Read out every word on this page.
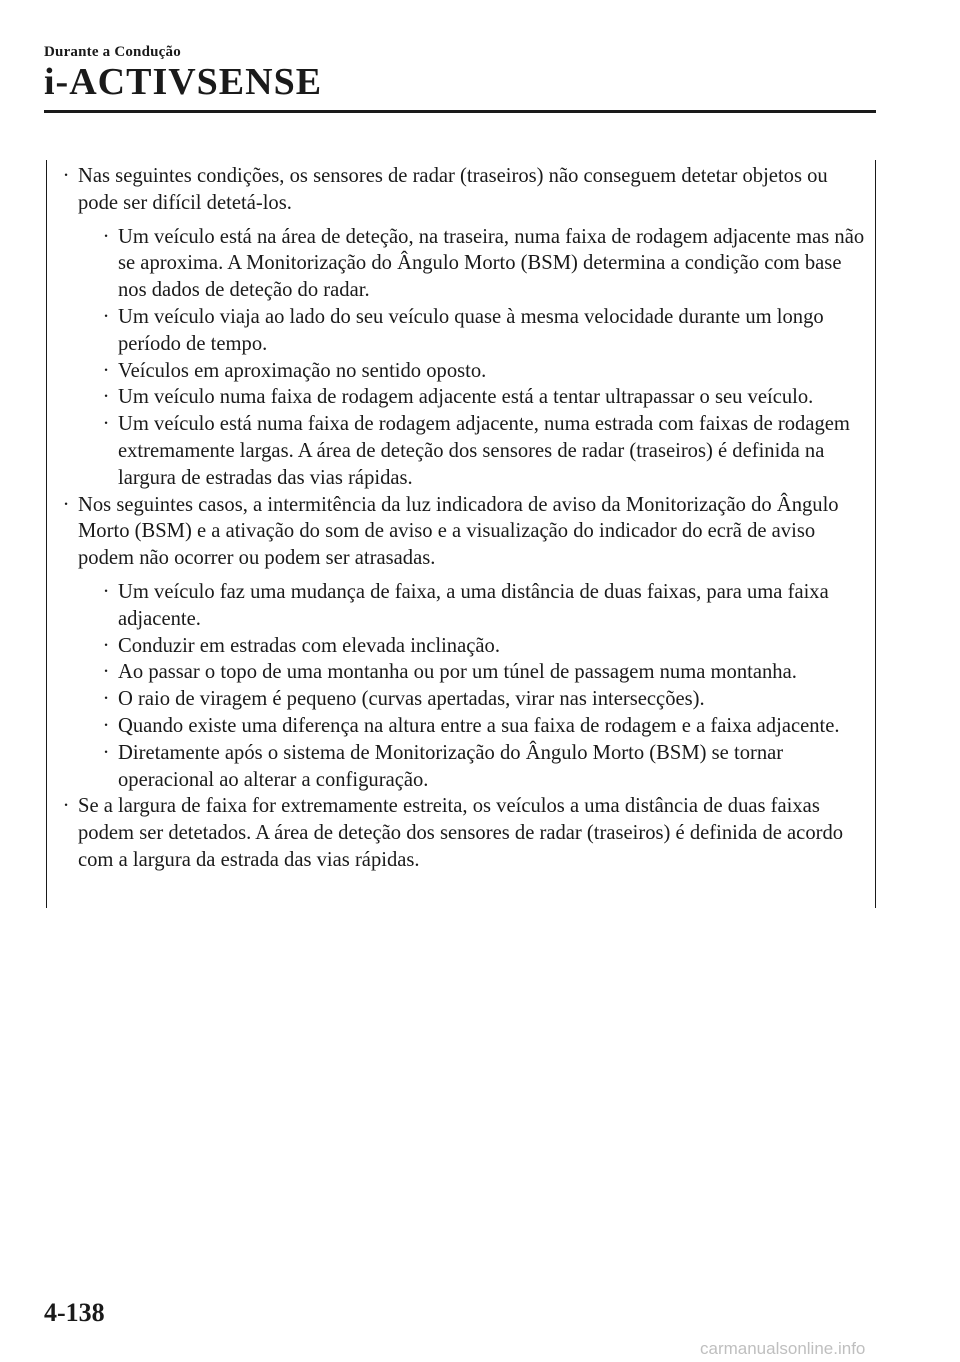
Durante a Condução
i-ACTIVSENSE
· Nas seguintes condições, os sensores de radar (traseiros) não conseguem detetar objetos ou pode ser difícil detetá-los.
· Um veículo está na área de deteção, na traseira, numa faixa de rodagem adjacente mas não se aproxima. A Monitorização do Ângulo Morto (BSM) determina a condição com base nos dados de deteção do radar.
· Um veículo viaja ao lado do seu veículo quase à mesma velocidade durante um longo período de tempo.
· Veículos em aproximação no sentido oposto.
· Um veículo numa faixa de rodagem adjacente está a tentar ultrapassar o seu veículo.
· Um veículo está numa faixa de rodagem adjacente, numa estrada com faixas de rodagem extremamente largas. A área de deteção dos sensores de radar (traseiros) é definida na largura de estradas das vias rápidas.
· Nos seguintes casos, a intermitência da luz indicadora de aviso da Monitorização do Ângulo Morto (BSM) e a ativação do som de aviso e a visualização do indicador do ecrã de aviso podem não ocorrer ou podem ser atrasadas.
· Um veículo faz uma mudança de faixa, a uma distância de duas faixas, para uma faixa adjacente.
· Conduzir em estradas com elevada inclinação.
· Ao passar o topo de uma montanha ou por um túnel de passagem numa montanha.
· O raio de viragem é pequeno (curvas apertadas, virar nas intersecções).
· Quando existe uma diferença na altura entre a sua faixa de rodagem e a faixa adjacente.
· Diretamente após o sistema de Monitorização do Ângulo Morto (BSM) se tornar operacional ao alterar a configuração.
· Se a largura de faixa for extremamente estreita, os veículos a uma distância de duas faixas podem ser detetados. A área de deteção dos sensores de radar (traseiros) é definida de acordo com a largura da estrada das vias rápidas.
4-138
carmanualsonline.info
